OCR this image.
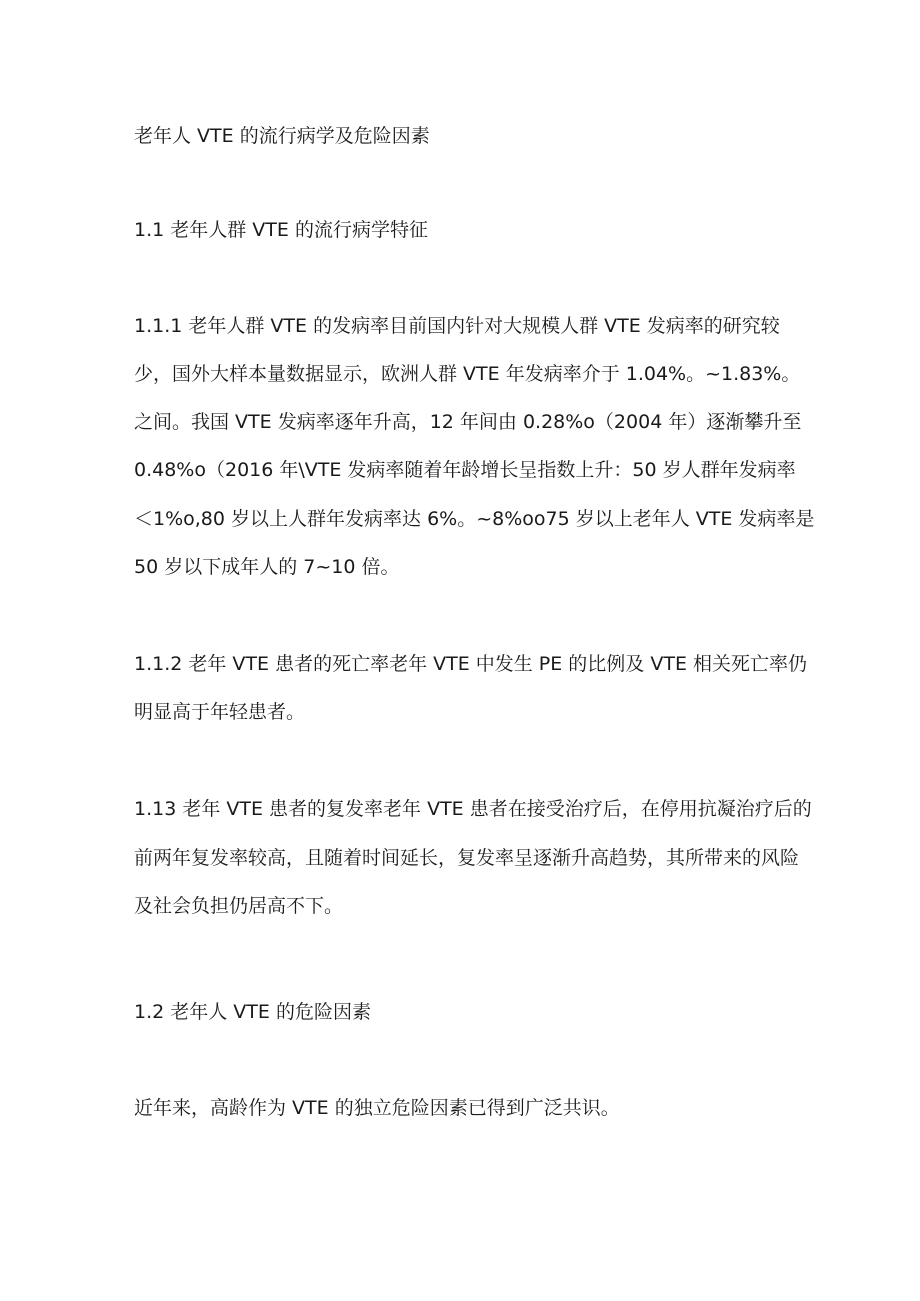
老年人 VTE 的流行病学及危险因素
1.1 老年人群 VTE 的流行病学特征
1.1.1 老年人群 VTE 的发病率目前国内针对大规模人群 VTE 发病率的研究较
少，国外大样本量数据显示，欧洲人群 VTE 年发病率介于 1.04%。~1.83%。
之间。我国 VTE 发病率逐年升高，12 年间由 0.28%o（2004 年）逐渐攀升至
0.48%o（2016 年\VTE 发病率随着年龄增长呈指数上升：50 岁人群年发病率
＜1%o,80 岁以上人群年发病率达 6%。~8%oo75 岁以上老年人 VTE 发病率是
50 岁以下成年人的 7~10 倍。
1.1.2 老年 VTE 患者的死亡率老年 VTE 中发生 PE 的比例及 VTE 相关死亡率仍
明显高于年轻患者。
1.13 老年 VTE 患者的复发率老年 VTE 患者在接受治疗后，在停用抗凝治疗后的
前两年复发率较高，且随着时间延长，复发率呈逐渐升高趋势，其所带来的风险
及社会负担仍居高不下。
1.2 老年人 VTE 的危险因素
近年来，高龄作为 VTE 的独立危险因素已得到广泛共识。
